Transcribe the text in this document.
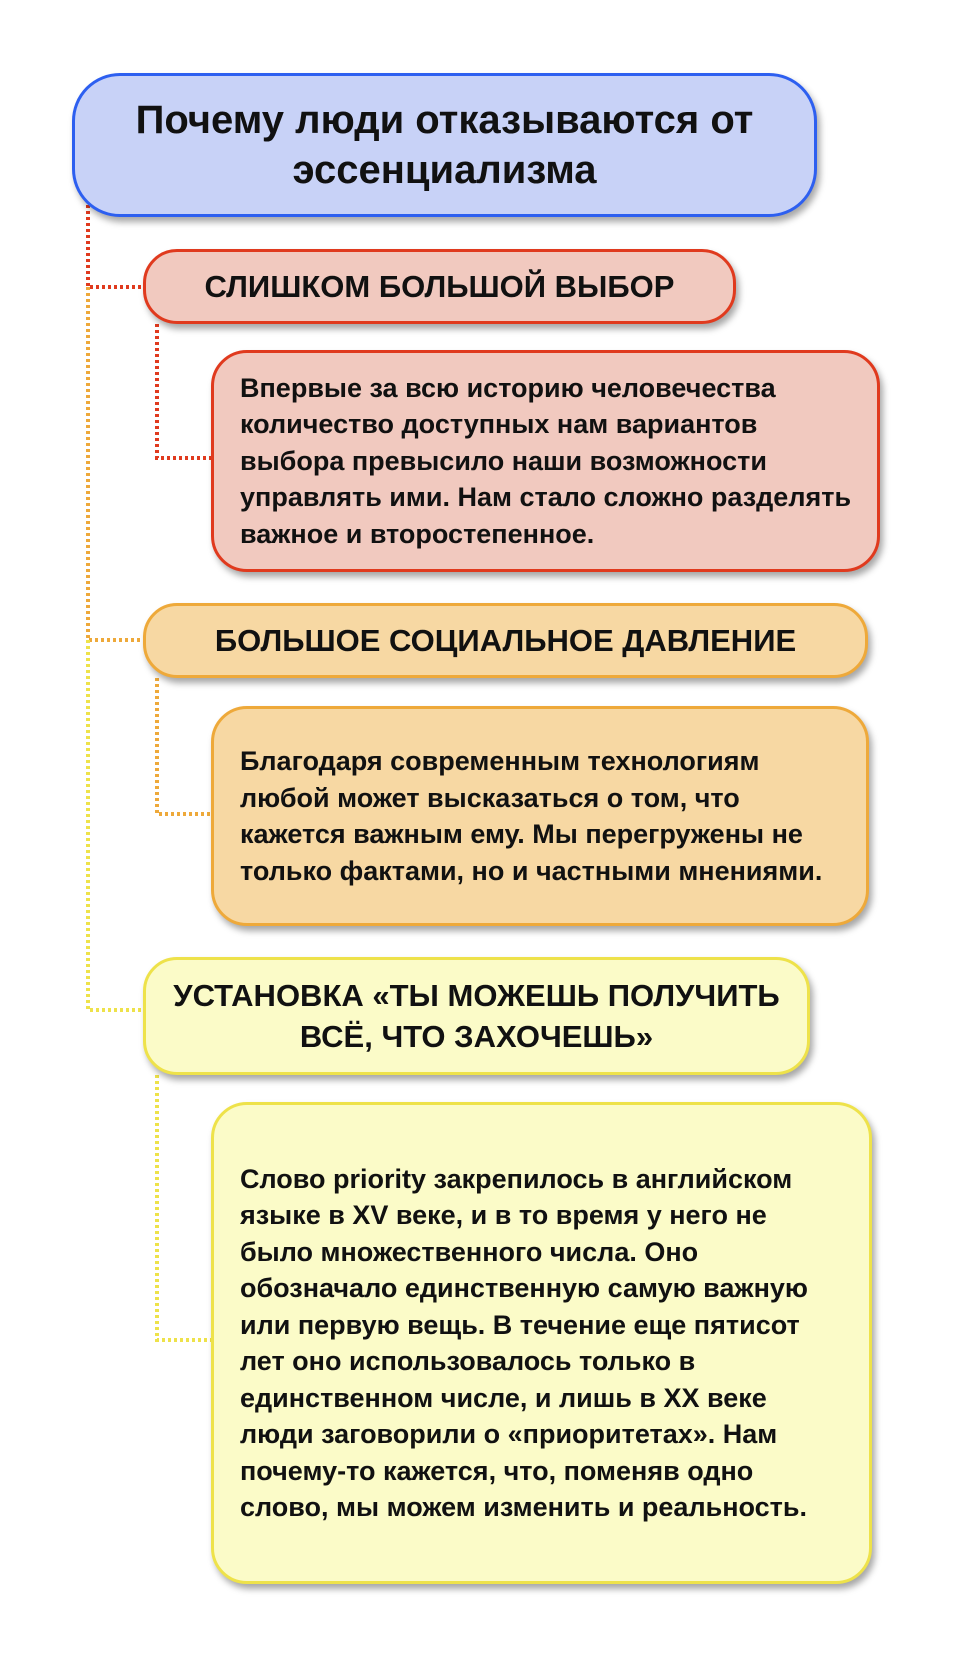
Почему люди отказываются от эссенциализма
СЛИШКОМ БОЛЬШОЙ ВЫБОР
Впервые за всю историю человечества количество доступных нам вариантов выбора превысило наши возможности управлять ими. Нам стало сложно разделять важное и второстепенное.
БОЛЬШОЕ СОЦИАЛЬНОЕ ДАВЛЕНИЕ
Благодаря современным технологиям любой может высказаться о том, что кажется важным ему. Мы перегружены не только фактами, но и частными мнениями.
УСТАНОВКА «ТЫ МОЖЕШЬ ПОЛУЧИТЬ ВСЁ, ЧТО ЗАХОЧЕШЬ»
Слово priority закрепилось в английском языке в XV веке, и в то время у него не было множественного числа. Оно обозначало единственную самую важную или первую вещь. В течение еще пятисот лет оно использовалось только в единственном числе, и лишь в XX веке люди заговорили о «приоритетах». Нам почему-то кажется, что, поменяв одно слово, мы можем изменить и реальность.
